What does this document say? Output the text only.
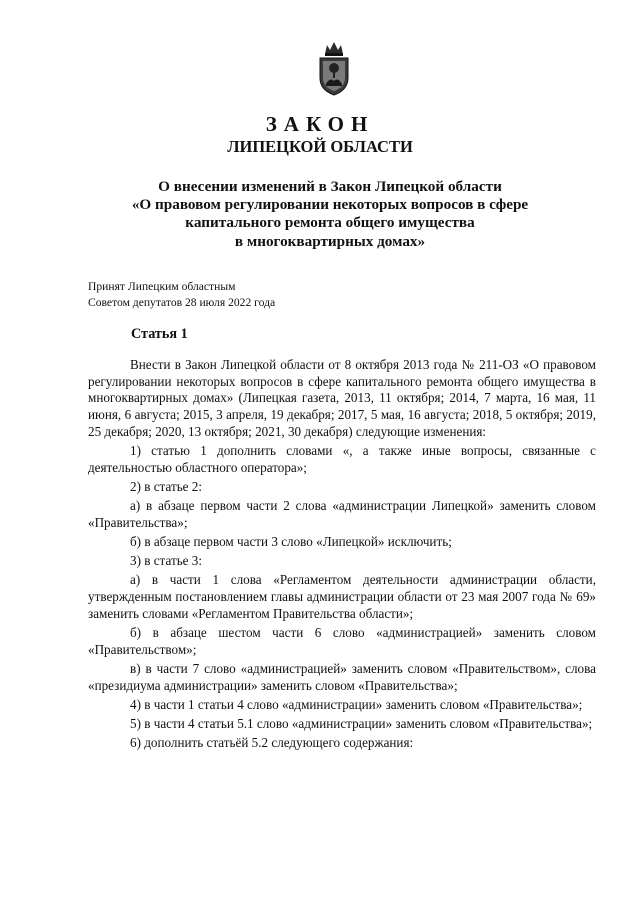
ЗАКОН
ЛИПЕЦКОЙ ОБЛАСТИ
О внесении изменений в Закон Липецкой области
«О правовом регулировании некоторых вопросов в сфере
капитального ремонта общего имущества
в многоквартирных домах»
Принят Липецким областным
Советом депутатов 28 июля 2022 года
Статья 1

Внести в Закон Липецкой области от 8 октября 2013 года № 211-ОЗ «О правовом регулировании некоторых вопросов в сфере капитального ремонта общего имущества в многоквартирных домах» (Липецкая газета, 2013, 11 октября; 2014, 7 марта, 16 мая, 11 июня, 6 августа; 2015, 3 апреля, 19 декабря; 2017, 5 мая, 16 августа; 2018, 5 октября; 2019, 25 декабря; 2020, 13 октября; 2021, 30 декабря) следующие изменения:

1) статью 1 дополнить словами «, а также иные вопросы, связанные с деятельностью областного оператора»;

2) в статье 2:

а) в абзаце первом части 2 слова «администрации Липецкой» заменить словом «Правительства»;

б) в абзаце первом части 3 слово «Липецкой» исключить;

3) в статье 3:

а) в части 1 слова «Регламентом деятельности администрации области, утвержденным постановлением главы администрации области от 23 мая 2007 года № 69» заменить словами «Регламентом Правительства области»;

б) в абзаце шестом части 6 слово «администрацией» заменить словом «Правительством»;

в) в части 7 слово «администрацией» заменить словом «Правительством», слова «президиума администрации» заменить словом «Правительства»;

4) в части 1 статьи 4 слово «администрации» заменить словом «Правительства»;

5) в части 4 статьи 5.1 слово «администрации» заменить словом «Правительства»;

6) дополнить статьёй 5.2 следующего содержания:
